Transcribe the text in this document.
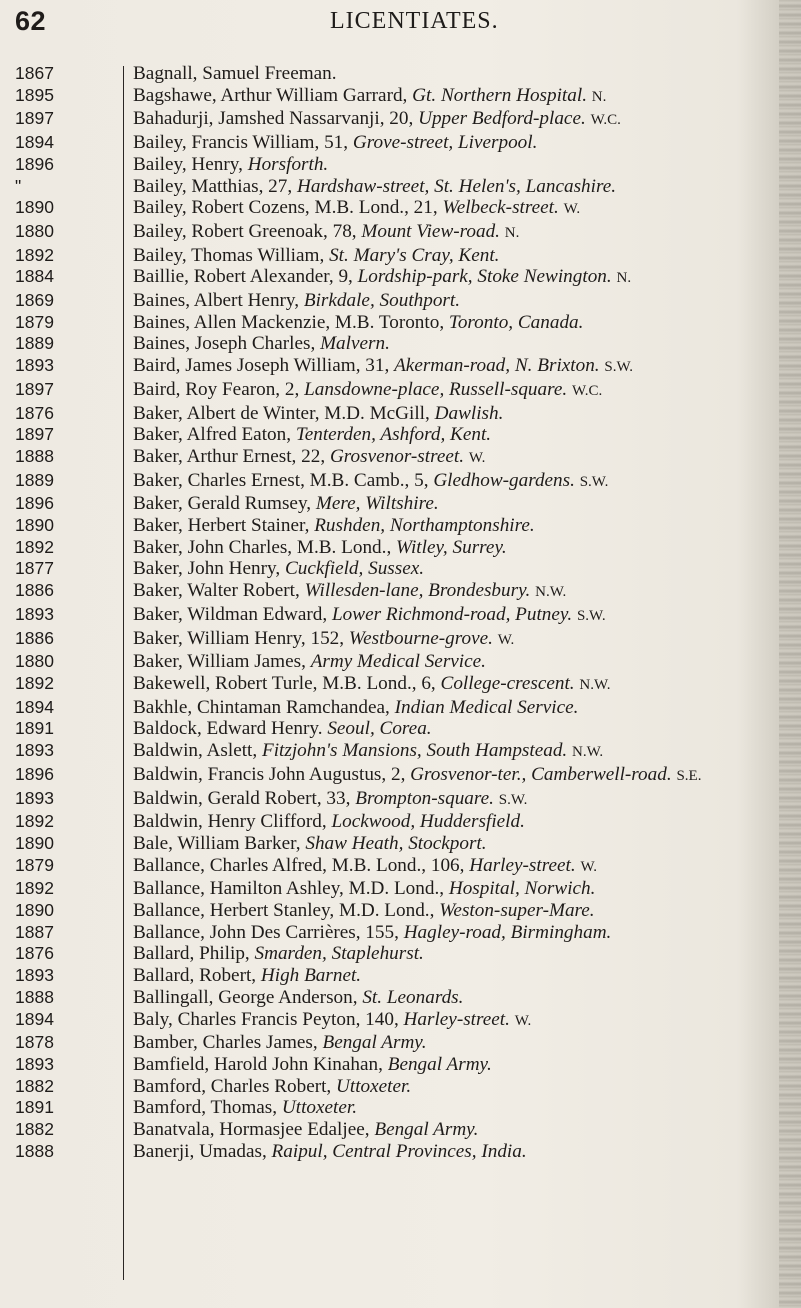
62	LICENTIATES.
1867	Bagnall, Samuel Freeman.
1895	Bagshawe, Arthur William Garrard, Gt. Northern Hospital. N.
1897	Bahadurji, Jamshed Nassarvanji, 20, Upper Bedford-place. W.C.
1894	Bailey, Francis William, 51, Grove-street, Liverpool.
1896	Bailey, Henry, Horsforth.
"	Bailey, Matthias, 27, Hardshaw-street, St. Helen's, Lancashire.
1890	Bailey, Robert Cozens, M.B. Lond., 21, Welbeck-street. W.
1880	Bailey, Robert Greenoak, 78, Mount View-road. N.
1892	Bailey, Thomas William, St. Mary's Cray, Kent.
1884	Baillie, Robert Alexander, 9, Lordship-park, Stoke Newington. N.
1869	Baines, Albert Henry, Birkdale, Southport.
1879	Baines, Allen Mackenzie, M.B. Toronto, Toronto, Canada.
1889	Baines, Joseph Charles, Malvern.
1893	Baird, James Joseph William, 31, Akerman-road, N. Brixton. S.W.
1897	Baird, Roy Fearon, 2, Lansdowne-place, Russell-square. W.C.
1876	Baker, Albert de Winter, M.D. McGill, Dawlish.
1897	Baker, Alfred Eaton, Tenterden, Ashford, Kent.
1888	Baker, Arthur Ernest, 22, Grosvenor-street. W.
1889	Baker, Charles Ernest, M.B. Camb., 5, Gledhow-gardens. S.W.
1896	Baker, Gerald Rumsey, Mere, Wiltshire.
1890	Baker, Herbert Stainer, Rushden, Northamptonshire.
1892	Baker, John Charles, M.B. Lond., Witley, Surrey.
1877	Baker, John Henry, Cuckfield, Sussex.
1886	Baker, Walter Robert, Willesden-lane, Brondesbury. N.W.
1893	Baker, Wildman Edward, Lower Richmond-road, Putney. S.W.
1886	Baker, William Henry, 152, Westbourne-grove. W.
1880	Baker, William James, Army Medical Service.
1892	Bakewell, Robert Turle, M.B. Lond., 6, College-crescent. N.W.
1894	Bakhle, Chintaman Ramchandea, Indian Medical Service.
1891	Baldock, Edward Henry. Seoul, Corea.
1893	Baldwin, Aslett, Fitzjohn's Mansions, South Hampstead. N.W.
1896	Baldwin, Francis John Augustus, 2, Grosvenor-ter., Camberwell-road. S.E.
1893	Baldwin, Gerald Robert, 33, Brompton-square. S.W.
1892	Baldwin, Henry Clifford, Lockwood, Huddersfield.
1890	Bale, William Barker, Shaw Heath, Stockport.
1879	Ballance, Charles Alfred, M.B. Lond., 106, Harley-street. W.
1892	Ballance, Hamilton Ashley, M.D. Lond., Hospital, Norwich.
1890	Ballance, Herbert Stanley, M.D. Lond., Weston-super-Mare.
1887	Ballance, John Des Carrières, 155, Hagley-road, Birmingham.
1876	Ballard, Philip, Smarden, Staplehurst.
1893	Ballard, Robert, High Barnet.
1888	Ballingall, George Anderson, St. Leonards.
1894	Baly, Charles Francis Peyton, 140, Harley-street. W.
1878	Bamber, Charles James, Bengal Army.
1893	Bamfield, Harold John Kinahan, Bengal Army.
1882	Bamford, Charles Robert, Uttoxeter.
1891	Bamford, Thomas, Uttoxeter.
1882	Banatvala, Hormasjee Edaljee, Bengal Army.
1888	Banerji, Umadas, Raipul, Central Provinces, India.
